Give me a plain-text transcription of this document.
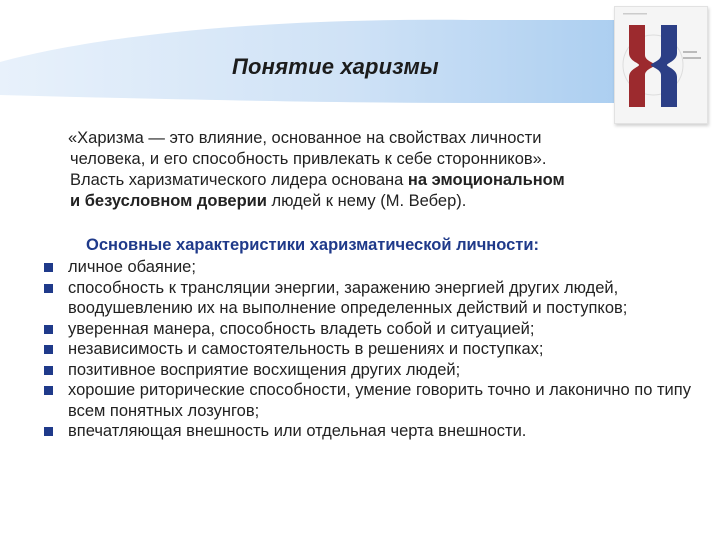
Понятие харизмы

«Харизма — это влияние, основанное на свойствах личности

человека, и его способность привлекать к себе сторонников».

Власть харизматического лидера основана на эмоциональном

и безусловном доверии людей к нему (М. Вебер).

Основные характеристики харизматической личности:
личное обаяние;
способность к трансляции энергии, заражению энергией других людей, воодушевлению их на выполнение определенных действий и поступков;
уверенная манера, способность владеть собой и ситуацией;
независимость и самостоятельность в решениях и поступках;
позитивное восприятие восхищения других людей;
хорошие риторические способности, умение говорить точно и лаконично по типу всем понятных лозунгов;
впечатляющая внешность или отдельная черта внешности.
